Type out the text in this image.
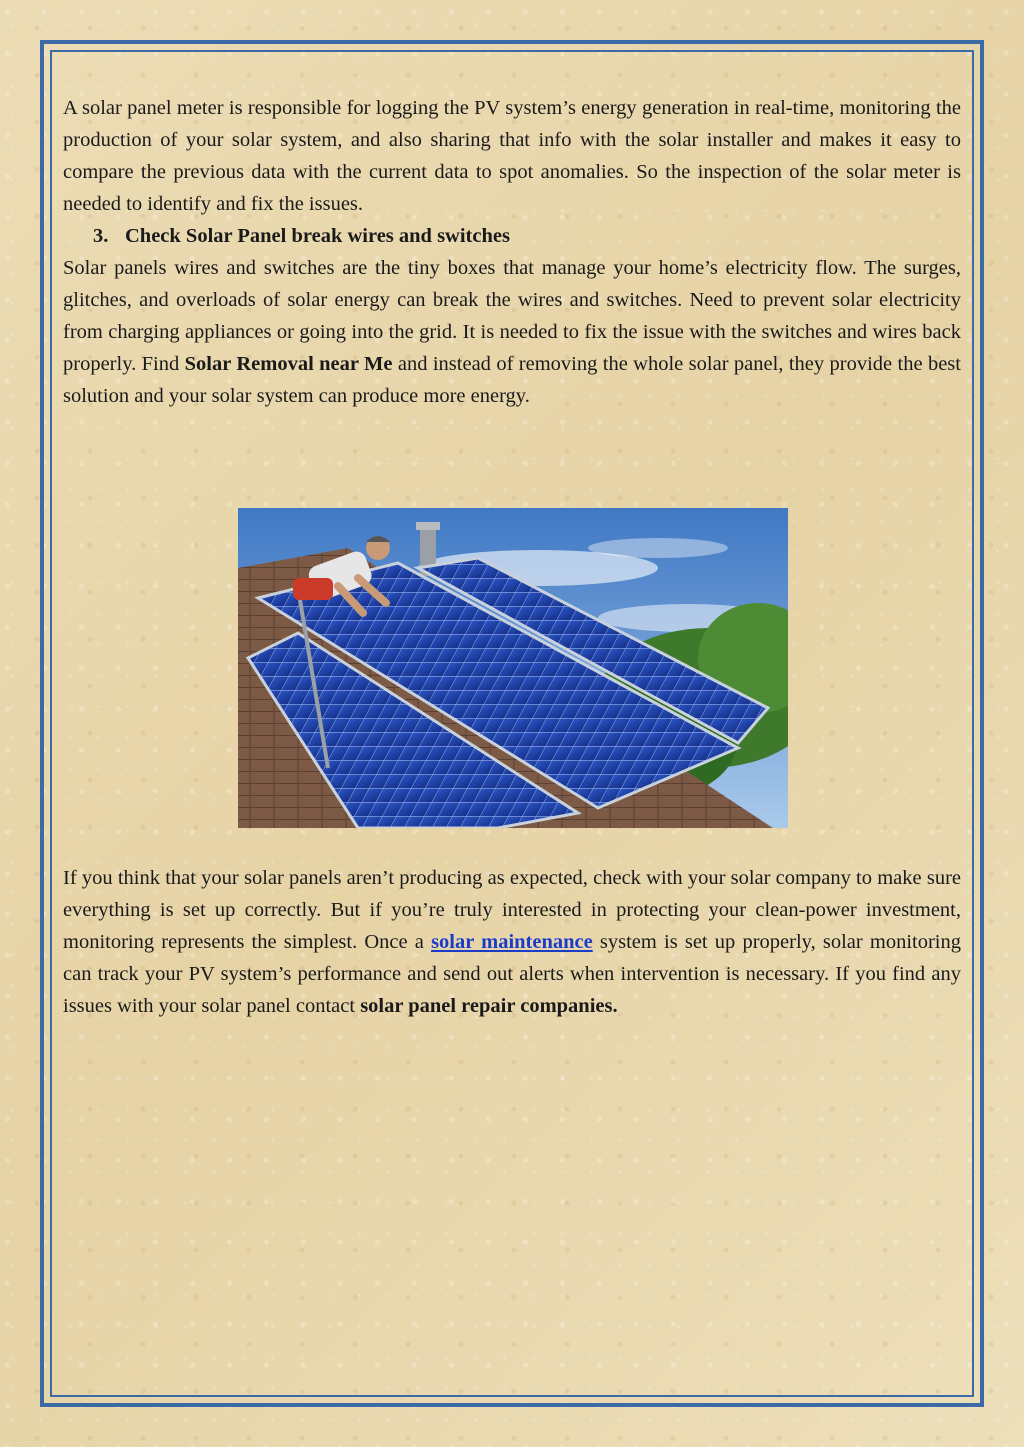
A solar panel meter is responsible for logging the PV system’s energy generation in real-time, monitoring the production of your solar system, and also sharing that info with the solar installer and makes it easy to compare the previous data with the current data to spot anomalies. So the inspection of the solar meter is needed to identify and fix the issues.

3. Check Solar Panel break wires and switches

Solar panels wires and switches are the tiny boxes that manage your home’s electricity flow. The surges, glitches, and overloads of solar energy can break the wires and switches. Need to prevent solar electricity from charging appliances or going into the grid. It is needed to fix the issue with the switches and wires back properly. Find Solar Removal near Me and instead of removing the whole solar panel, they provide the best solution and your solar system can produce more energy.

If you think that your solar panels aren’t producing as expected, check with your solar company to make sure everything is set up correctly. But if you’re truly interested in protecting your clean-power investment, monitoring represents the simplest. Once a solar maintenance system is set up properly, solar monitoring can track your PV system’s performance and send out alerts when intervention is necessary. If you find any issues with your solar panel contact solar panel repair companies.
